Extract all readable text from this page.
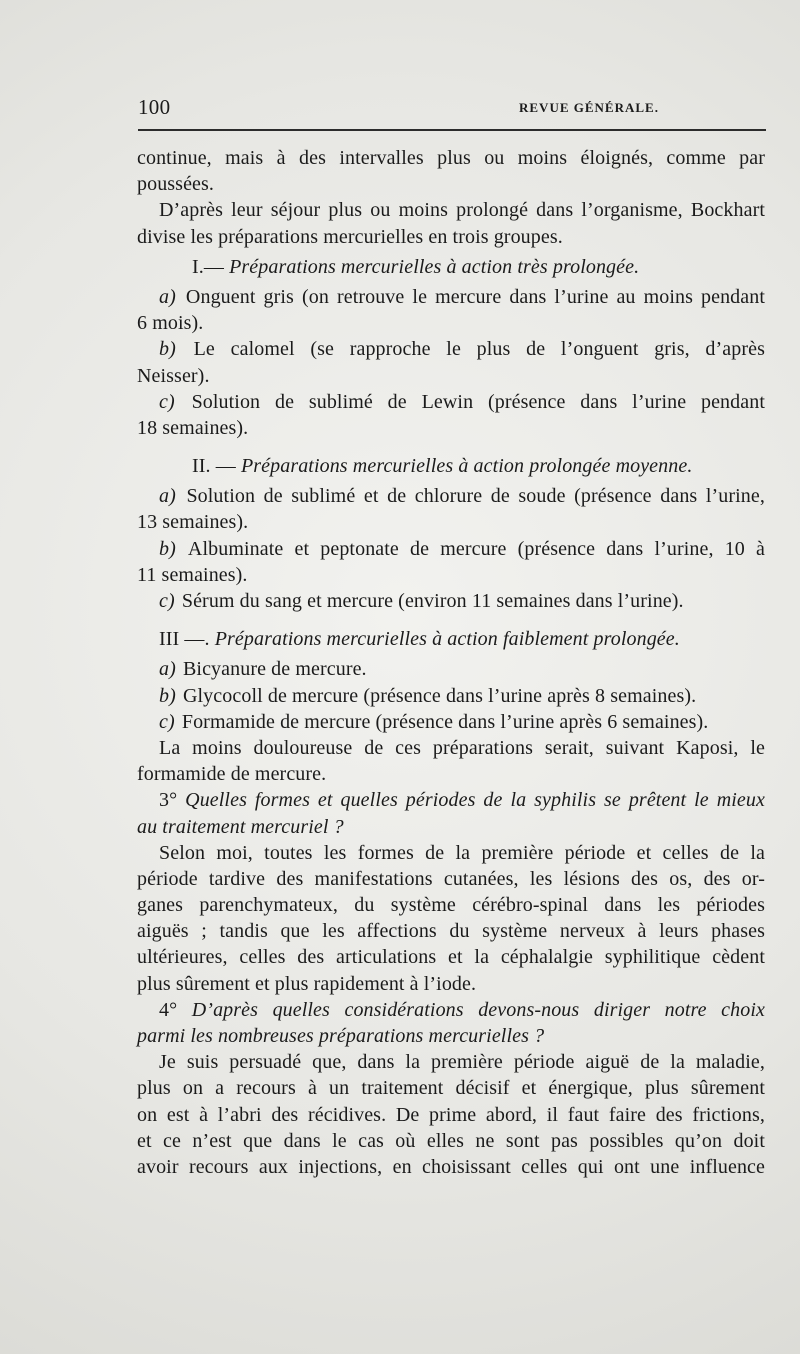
100	REVUE GÉNÉRALE.
continue, mais à des intervalles plus ou moins éloignés, comme par
poussées.
D’après leur séjour plus ou moins prolongé dans l’organisme, Bockhart
divise les préparations mercurielles en trois groupes.
I.— Préparations mercurielles à action très prolongée.
a) Onguent gris (on retrouve le mercure dans l’urine au moins pendant
6 mois).
b) Le calomel (se rapproche le plus de l’onguent gris, d’après
Neisser).
c) Solution de sublimé de Lewin (présence dans l’urine pendant
18 semaines).
II. — Préparations mercurielles à action prolongée moyenne.
a) Solution de sublimé et de chlorure de soude (présence dans l’urine,
13 semaines).
b) Albuminate et peptonate de mercure (présence dans l’urine, 10 à
11 semaines).
c) Sérum du sang et mercure (environ 11 semaines dans l’urine).
III —. Préparations mercurielles à action faiblement prolongée.
a) Bicyanure de mercure.
b) Glycocoll de mercure (présence dans l’urine après 8 semaines).
c) Formamide de mercure (présence dans l’urine après 6 semaines).
La moins douloureuse de ces préparations serait, suivant Kaposi, le
formamide de mercure.
3° Quelles formes et quelles périodes de la syphilis se prêtent le mieux
au traitement mercuriel ?
Selon moi, toutes les formes de la première période et celles de la
période tardive des manifestations cutanées, les lésions des os, des or-
ganes parenchymateux, du système cérébro-spinal dans les périodes
aiguës ; tandis que les affections du système nerveux à leurs phases
ultérieures, celles des articulations et la céphalalgie syphilitique cèdent
plus sûrement et plus rapidement à l’iode.
4° D’après quelles considérations devons-nous diriger notre choix
parmi les nombreuses préparations mercurielles ?
Je suis persuadé que, dans la première période aiguë de la maladie,
plus on a recours à un traitement décisif et énergique, plus sûrement
on est à l’abri des récidives. De prime abord, il faut faire des frictions,
et ce n’est que dans le cas où elles ne sont pas possibles qu’on doit
avoir recours aux injections, en choisissant celles qui ont une influence
